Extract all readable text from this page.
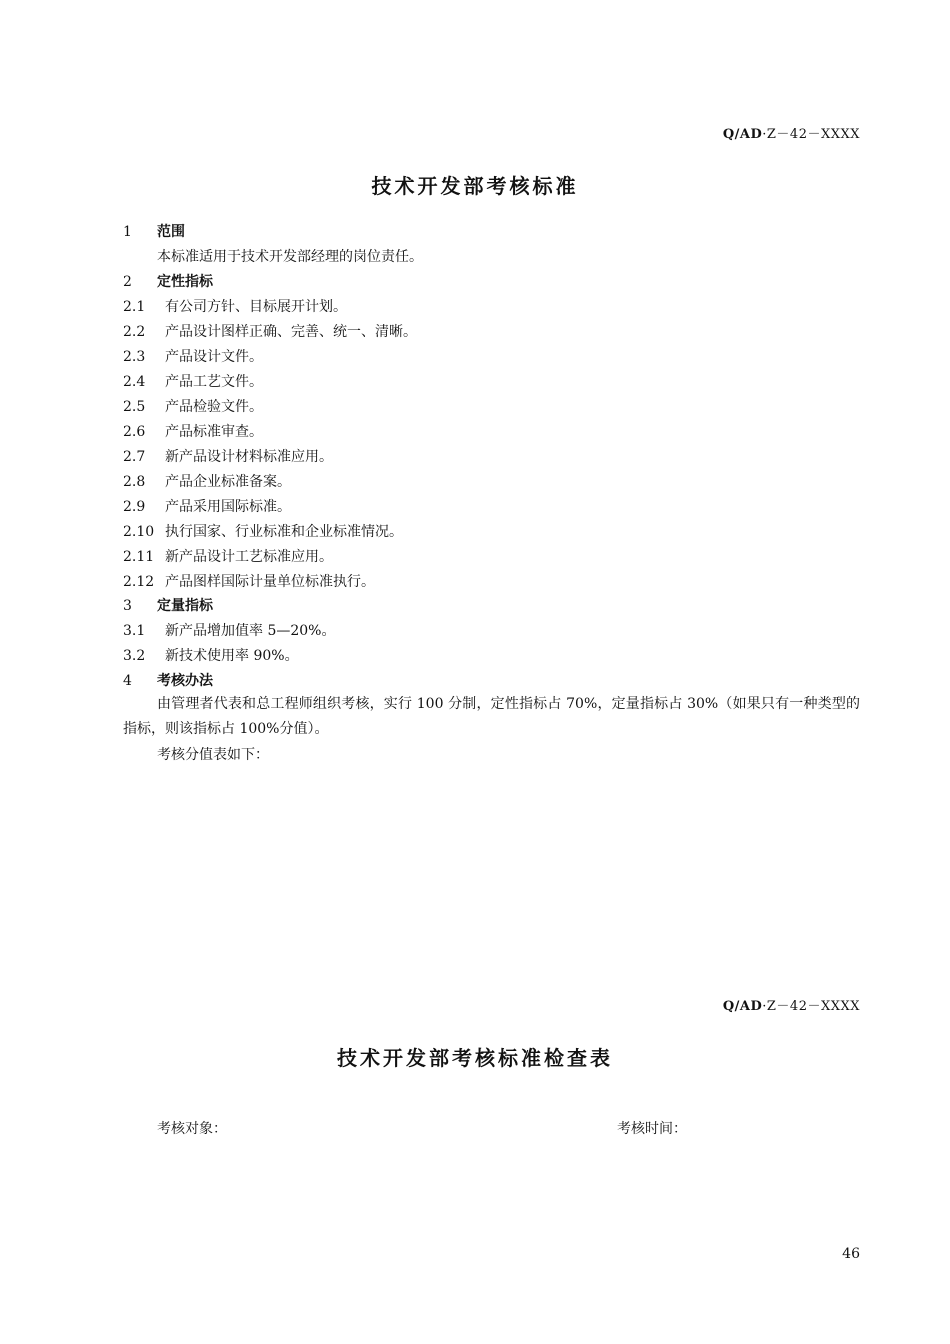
Q/AD·Z－42－XXXX
技术开发部考核标准
1 范围
本标准适用于技术开发部经理的岗位责任。
2 定性指标
2.1 有公司方针、目标展开计划。
2.2 产品设计图样正确、完善、统一、清晰。
2.3 产品设计文件。
2.4 产品工艺文件。
2.5 产品检验文件。
2.6 产品标准审查。
2.7 新产品设计材料标准应用。
2.8 产品企业标准备案。
2.9 产品采用国际标准。
2.10 执行国家、行业标准和企业标准情况。
2.11 新产品设计工艺标准应用。
2.12 产品图样国际计量单位标准执行。
3 定量指标
3.1 新产品增加值率 5—20%。
3.2 新技术使用率 90%。
4 考核办法
由管理者代表和总工程师组织考核，实行 100 分制，定性指标占 70%，定量指标占 30%（如果只有一种类型的指标，则该指标占 100%分值）。
考核分值表如下：
Q/AD·Z－42－XXXX
技术开发部考核标准检查表
考核对象：	考核时间：
46
